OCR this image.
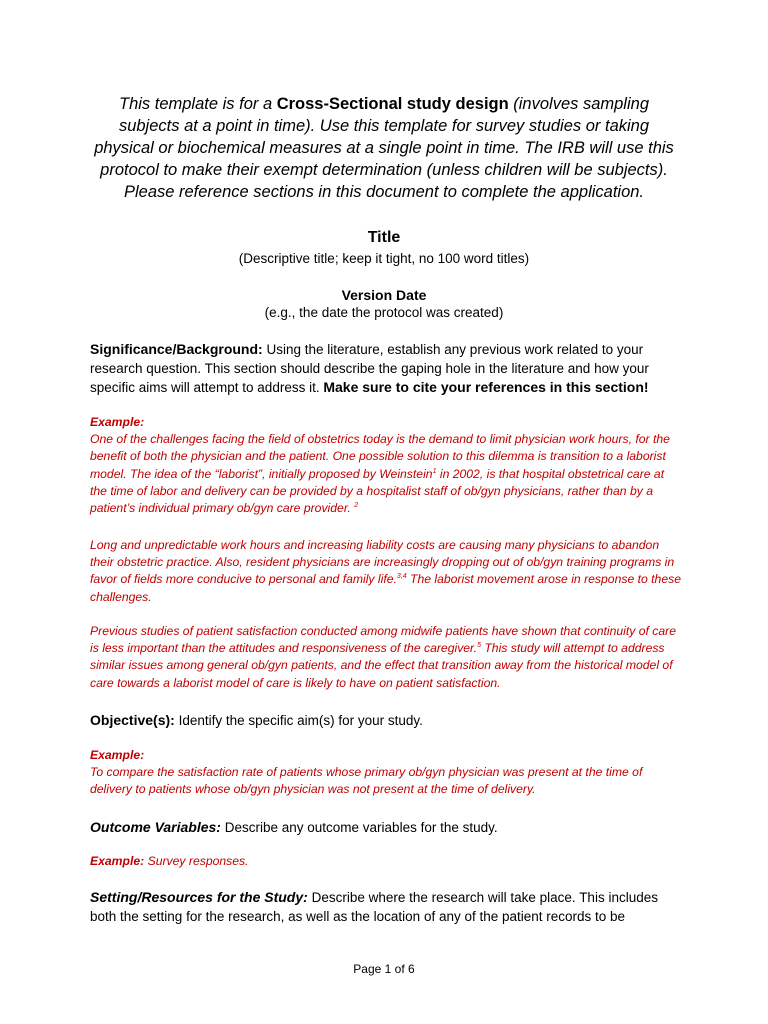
This template is for a Cross-Sectional study design (involves sampling subjects at a point in time). Use this template for survey studies or taking physical or biochemical measures at a single point in time. The IRB will use this protocol to make their exempt determination (unless children will be subjects). Please reference sections in this document to complete the application.
Title
(Descriptive title; keep it tight, no 100 word titles)
Version Date
(e.g., the date the protocol was created)
Significance/Background: Using the literature, establish any previous work related to your research question. This section should describe the gaping hole in the literature and how your specific aims will attempt to address it. Make sure to cite your references in this section!
Example:
One of the challenges facing the field of obstetrics today is the demand to limit physician work hours, for the benefit of both the physician and the patient. One possible solution to this dilemma is transition to a laborist model. The idea of the “laborist”, initially proposed by Weinstein$^1$ in 2002, is that hospital obstetrical care at the time of labor and delivery can be provided by a hospitalist staff of ob/gyn physicians, rather than by a patient’s individual primary ob/gyn care provider. $^2$
Long and unpredictable work hours and increasing liability costs are causing many physicians to abandon their obstetric practice. Also, resident physicians are increasingly dropping out of ob/gyn training programs in favor of fields more conducive to personal and family life.$^{3,4}$ The laborist movement arose in response to these challenges.
Previous studies of patient satisfaction conducted among midwife patients have shown that continuity of care is less important than the attitudes and responsiveness of the caregiver.$^5$ This study will attempt to address similar issues among general ob/gyn patients, and the effect that transition away from the historical model of care towards a laborist model of care is likely to have on patient satisfaction.
Objective(s): Identify the specific aim(s) for your study.
Example:
To compare the satisfaction rate of patients whose primary ob/gyn physician was present at the time of delivery to patients whose ob/gyn physician was not present at the time of delivery.
Outcome Variables: Describe any outcome variables for the study.
Example: Survey responses.
Setting/Resources for the Study: Describe where the research will take place. This includes both the setting for the research, as well as the location of any of the patient records to be
Page 1 of 6
